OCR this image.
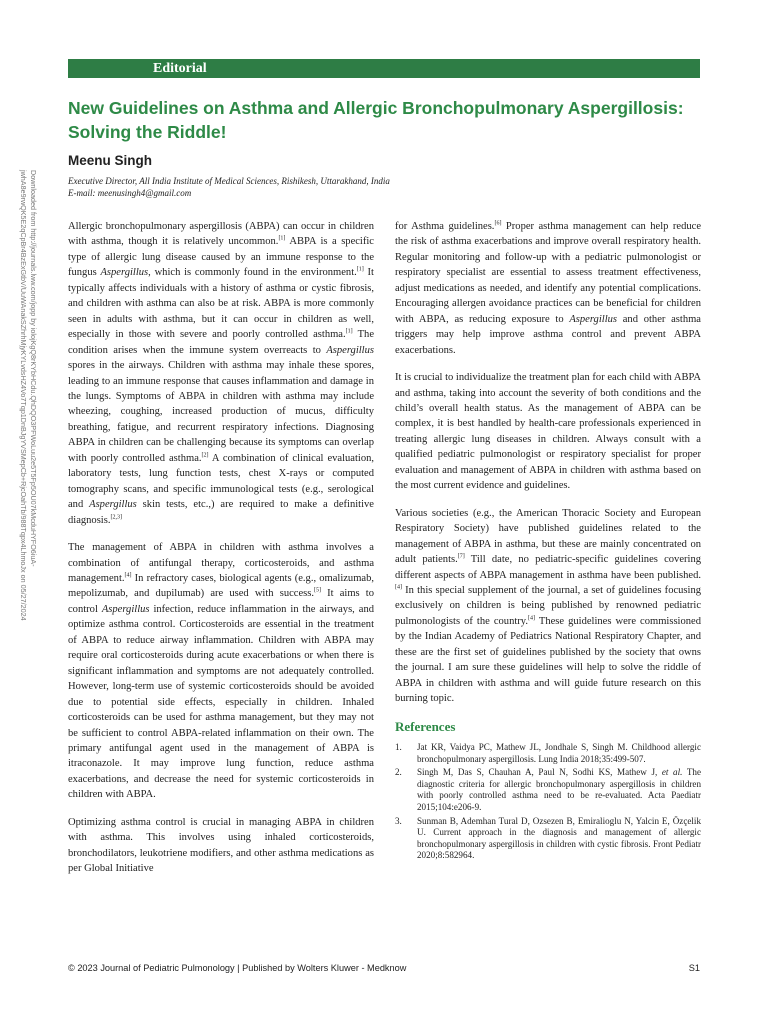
Editorial
New Guidelines on Asthma and Allergic Bronchopulmonary Aspergillosis: Solving the Riddle!
Meenu Singh
Executive Director, All India Institute of Medical Sciences, Rishikesh, Uttarakhand, India
E-mail: meenusingh4@gmail.com
Downloaded from http://journals.lww.com/jopp by iolojKgQ8rKYbHCdu.QhDQO3PFWoLuu2e5T5Fp5OU07kMcduHYFO6iuA-jwhA8e9rwQK5E2qCpBr4BzExGtbV/UuWAnakSZhrhMjyKYLvdsHZ4Vo7Tqp1DnBJgYVSMepCb+RjcOahTb/988Tqpx4LhmoJx on 05/27/2024	Allergic bronchopulmonary aspergillosis (ABPA) can occur in children with asthma, though it is relatively uncommon.[1] ABPA is a specific type of allergic lung disease caused by an immune response to the fungus Aspergillus, which is commonly found in the environment.[1] It typically affects individuals with a history of asthma or cystic fibrosis, and children with asthma can also be at risk. ABPA is more commonly seen in adults with asthma, but it can occur in children as well, especially in those with severe and poorly controlled asthma.[1] The condition arises when the immune system overreacts to Aspergillus spores in the airways. Children with asthma may inhale these spores, leading to an immune response that causes inflammation and damage in the lungs. Symptoms of ABPA in children with asthma may include wheezing, coughing, increased production of mucus, difficulty breathing, fatigue, and recurrent respiratory infections. Diagnosing ABPA in children can be challenging because its symptoms can overlap with poorly controlled asthma.[2] A combination of clinical evaluation, laboratory tests, lung function tests, chest X-rays or computed tomography scans, and specific immunological tests (e.g., serological and Aspergillus skin tests, etc.,) are required to make a definitive diagnosis.[2,3]

The management of ABPA in children with asthma involves a combination of antifungal therapy, corticosteroids, and asthma management.[4] In refractory cases, biological agents (e.g., omalizumab, mepolizumab, and dupilumab) are used with success.[5] It aims to control Aspergillus infection, reduce inflammation in the airways, and optimize asthma control. Corticosteroids are essential in the treatment of ABPA to reduce airway inflammation. Children with ABPA may require oral corticosteroids during acute exacerbations or when there is significant inflammation and symptoms are not adequately controlled. However, long-term use of systemic corticosteroids should be avoided due to potential side effects, especially in children. Inhaled corticosteroids can be used for asthma management, but they may not be sufficient to control ABPA-related inflammation on their own. The primary antifungal agent used in the management of ABPA is itraconazole. It may improve lung function, reduce asthma exacerbations, and decrease the need for systemic corticosteroids in children with ABPA.

Optimizing asthma control is crucial in managing ABPA in children with asthma. This involves using inhaled corticosteroids, bronchodilators, leukotriene modifiers, and other asthma medications as per Global Initiative

for Asthma guidelines.[6] Proper asthma management can help reduce the risk of asthma exacerbations and improve overall respiratory health. Regular monitoring and follow-up with a pediatric pulmonologist or respiratory specialist are essential to assess treatment effectiveness, adjust medications as needed, and identify any potential complications. Encouraging allergen avoidance practices can be beneficial for children with ABPA, as reducing exposure to Aspergillus and other asthma triggers may help improve asthma control and prevent ABPA exacerbations.

It is crucial to individualize the treatment plan for each child with ABPA and asthma, taking into account the severity of both conditions and the child’s overall health status. As the management of ABPA can be complex, it is best handled by health-care professionals experienced in treating allergic lung diseases in children. Always consult with a qualified pediatric pulmonologist or respiratory specialist for proper evaluation and management of ABPA in children with asthma based on the most current evidence and guidelines.

Various societies (e.g., the American Thoracic Society and European Respiratory Society) have published guidelines related to the management of ABPA in asthma, but these are mainly concentrated on adult patients.[7] Till date, no pediatric-specific guidelines covering different aspects of ABPA management in asthma have been published.[4] In this special supplement of the journal, a set of guidelines focusing exclusively on children is being published by renowned pediatric pulmonologists of the country.[4] These guidelines were commissioned by the Indian Academy of Pediatrics National Respiratory Chapter, and these are the first set of guidelines published by the society that owns the journal. I am sure these guidelines will help to solve the riddle of ABPA in children with asthma and will guide future research on this burning topic.

References
1. Jat KR, Vaidya PC, Mathew JL, Jondhale S, Singh M. Childhood allergic bronchopulmonary aspergillosis. Lung India 2018;35:499-507.
2. Singh M, Das S, Chauhan A, Paul N, Sodhi KS, Mathew J, et al. The diagnostic criteria for allergic bronchopulmonary aspergillosis in children with poorly controlled asthma need to be re-evaluated. Acta Paediatr 2015;104:e206-9.
3. Sunman B, Ademhan Tural D, Ozsezen B, Emiralioglu N, Yalcin E, Özçelik U. Current approach in the diagnosis and management of allergic bronchopulmonary aspergillosis in children with cystic fibrosis. Front Pediatr 2020;8:582964.
© 2023 Journal of Pediatric Pulmonology | Published by Wolters Kluwer - Medknow	S1
